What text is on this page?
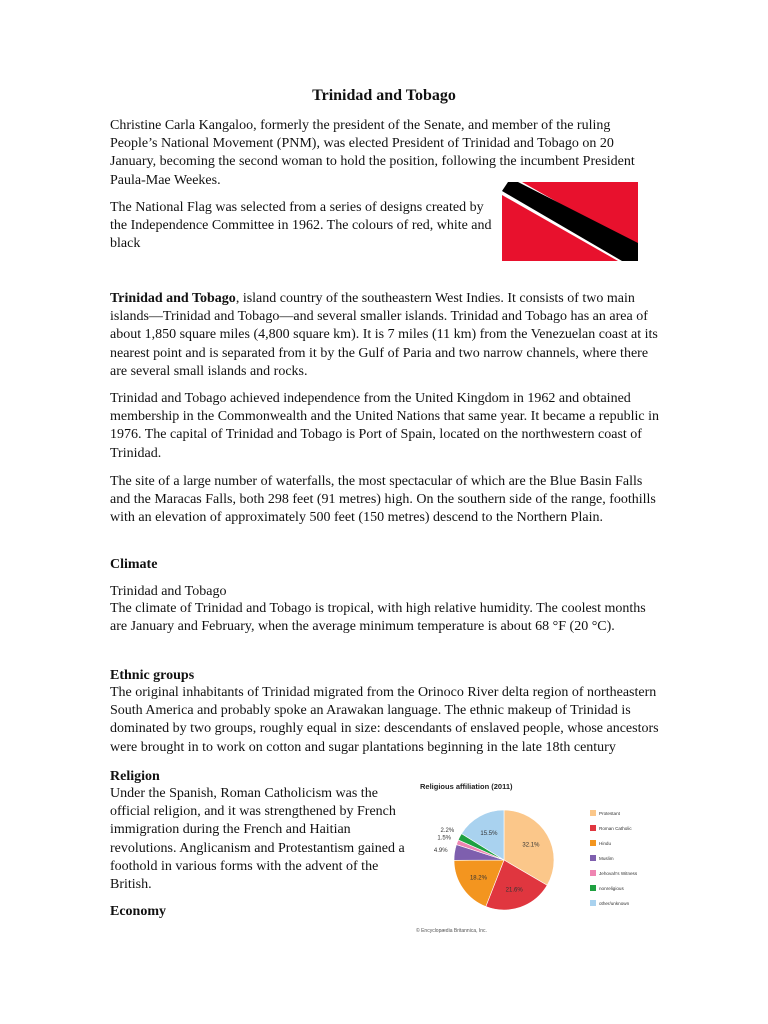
Trinidad and Tobago

Christine Carla Kangaloo, formerly the president of the Senate, and member of the ruling People’s National Movement (PNM), was elected President of Trinidad and Tobago on 20 January, becoming the second woman to hold the position, following the incumbent President Paula-Mae Weekes.

The National Flag was selected from a series of designs created by the Independence Committee in 1962. The colours of red, white and black

Trinidad and Tobago, island country of the southeastern West Indies. It consists of two main islands—Trinidad and Tobago—and several smaller islands. Trinidad and Tobago has an area of about 1,850 square miles (4,800 square km). It is 7 miles (11 km) from the Venezuelan coast at its nearest point and is separated from it by the Gulf of Paria and two narrow channels, where there are several small islands and rocks.

Trinidad and Tobago achieved independence from the United Kingdom in 1962 and obtained membership in the Commonwealth and the United Nations that same year. It became a republic in 1976. The capital of Trinidad and Tobago is Port of Spain, located on the northwestern coast of Trinidad.

The site of a large number of waterfalls, the most spectacular of which are the Blue Basin Falls and the Maracas Falls, both 298 feet (91 metres) high. On the southern side of the range, foothills with an elevation of approximately 500 feet (150 metres) descend to the Northern Plain.

Climate

Trinidad and Tobago

The climate of Trinidad and Tobago is tropical, with high relative humidity. The coolest months are January and February, when the average minimum temperature is about 68 °F (20 °C).

Ethnic groups

The original inhabitants of Trinidad migrated from the Orinoco River delta region of northeastern South America and probably spoke an Arawakan language. The ethnic makeup of Trinidad is dominated by two groups, roughly equal in size: descendants of enslaved people, whose ancestors were brought in to work on cotton and sugar plantations beginning in the late 18th century

Religion

Under the Spanish, Roman Catholicism was the official religion, and it was strengthened by French immigration during the French and Haitian revolutions. Anglicanism and Protestantism gained a foothold in various forms with the advent of the British.

Economy

Religious affiliation (2011)
32.1%
21.6%
18.2%
4.9%
1.5%
2.2%	15.5%
Protestant
Roman Catholic
Hindu
Muslim
Jehovah's Witness
nonreligious
other/unknown
© Encyclopædia Britannica, Inc.
